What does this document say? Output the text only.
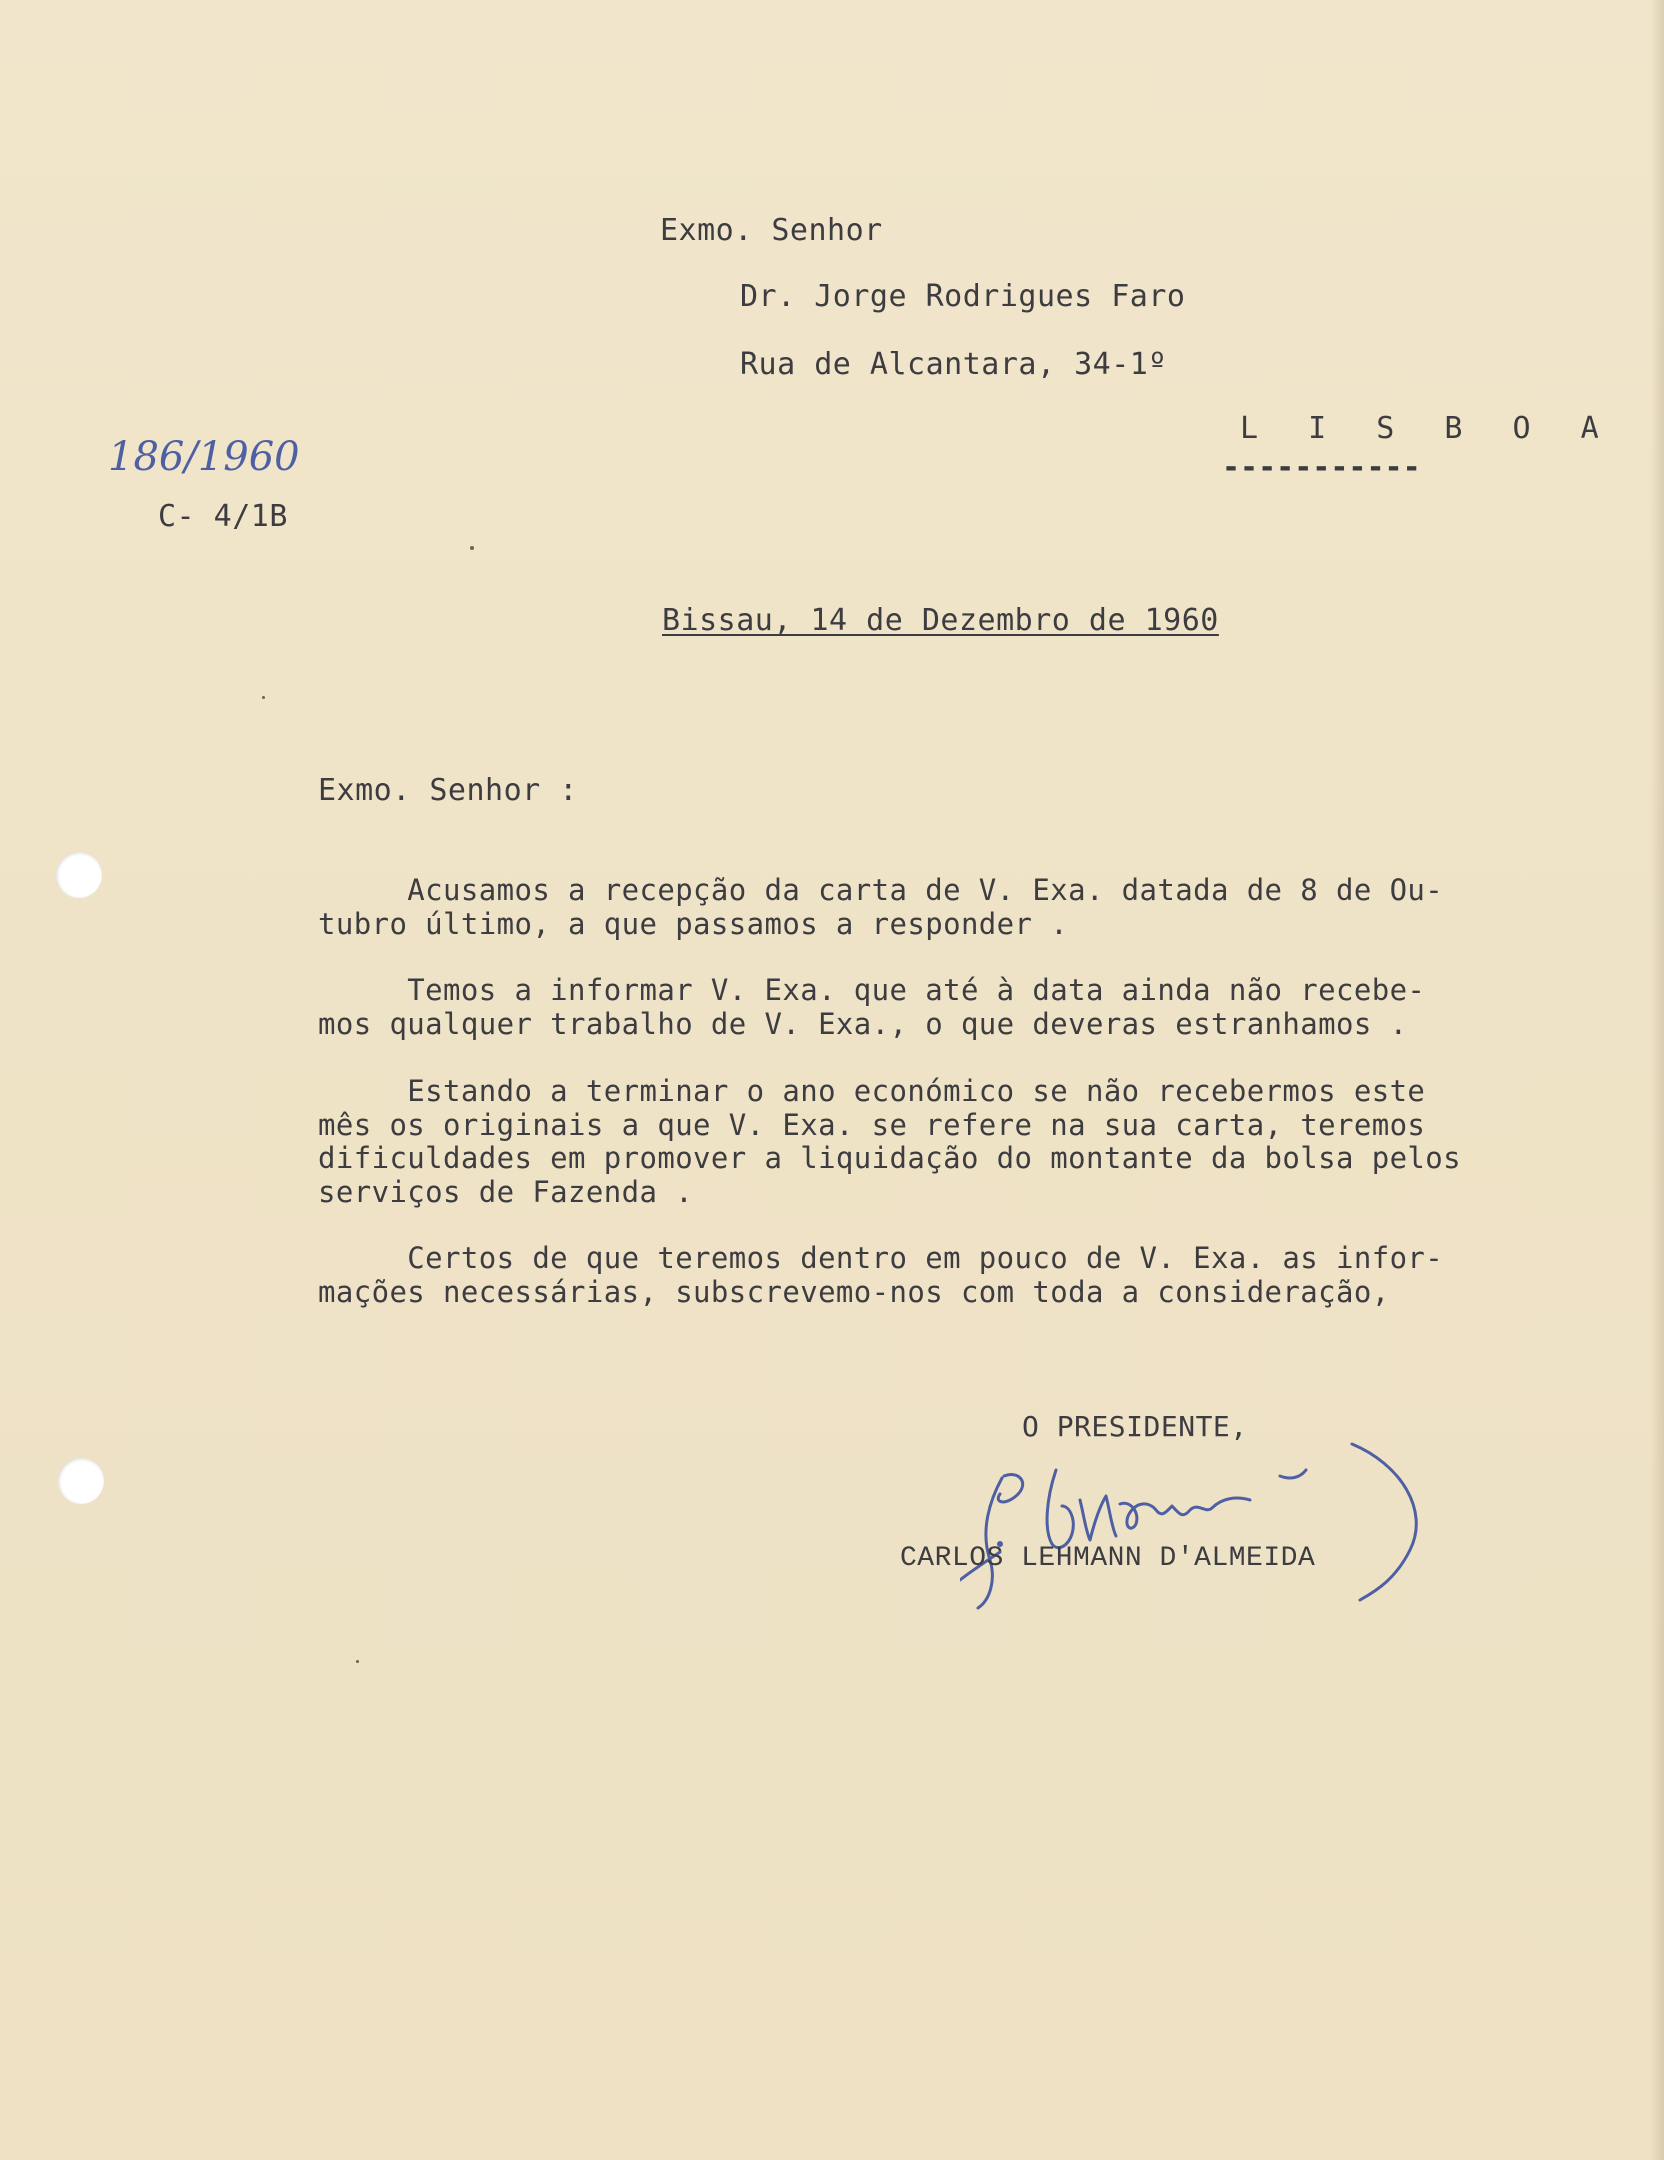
Exmo. Senhor
Dr. Jorge Rodrigues Faro
Rua de Alcantara, 34-1º
L I S B O A
-----------
186/1960
C- 4/1B
Bissau, 14 de Dezembro de 1960
Exmo. Senhor :
Acusamos a recepção da carta de V. Exa. datada de 8 de Ou-
tubro último, a que passamos a responder .
Temos a informar V. Exa. que até à data ainda não recebe-
mos qualquer trabalho de V. Exa., o que deveras estranhamos .
Estando a terminar o ano económico se não recebermos este
mês os originais a que V. Exa. se refere na sua carta, teremos
dificuldades em promover a liquidação do montante da bolsa pelos
serviços de Fazenda .
Certos de que teremos dentro em pouco de V. Exa. as infor-
mações necessárias, subscrevemo-nos com toda a consideração,
O PRESIDENTE,
CARLOS LEHMANN D'ALMEIDA
